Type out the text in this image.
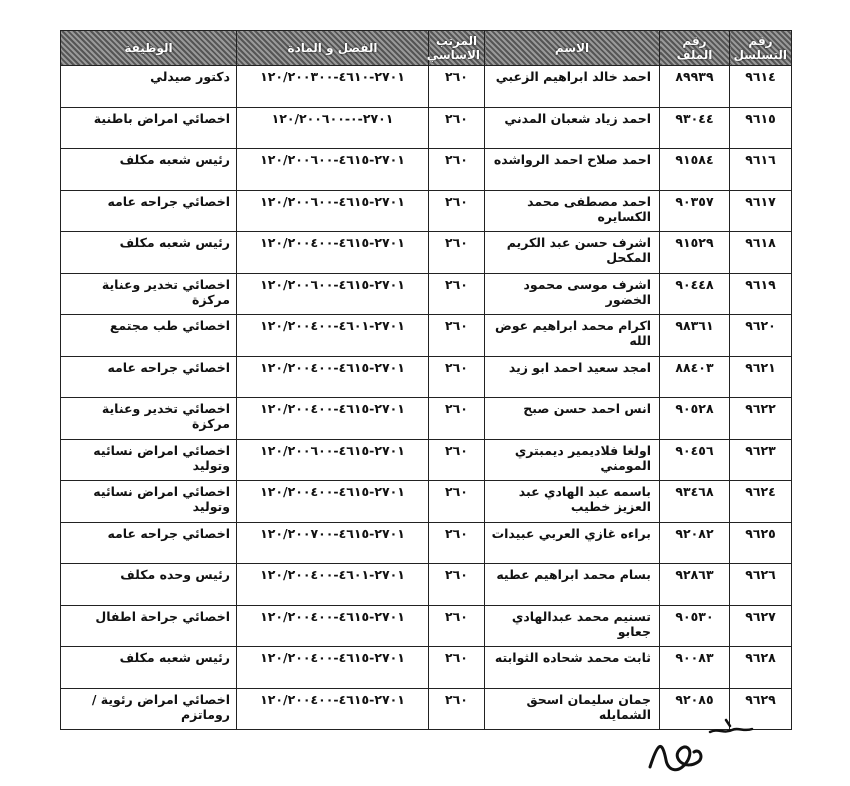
رقم التسلسل	رقم الملف	الاسم	المرتب الاساسي	الفصل و المادة	الوظيفة
٩٦١٤	٨٩٩٣٩	احمد خالد ابراهيم الزعبي	٢٦٠	٢٧٠١-٤٦١٠-١٢٠/٢٠٠٣٠٠	دكتور صيدلي
٩٦١٥	٩٣٠٤٤	احمد زياد شعبان المدني	٢٦٠	٢٧٠١-٠-١٢٠/٢٠٠٦٠٠	اخصائي امراض باطنية
٩٦١٦	٩١٥٨٤	احمد صلاح احمد الرواشده	٢٦٠	٢٧٠١-٤٦١٥-١٢٠/٢٠٠٦٠٠	رئيس شعبه مكلف
٩٦١٧	٩٠٣٥٧	احمد مصطفى محمد الكسايره	٢٦٠	٢٧٠١-٤٦١٥-١٢٠/٢٠٠٦٠٠	اخصائي جراحه عامه
٩٦١٨	٩١٥٢٩	اشرف حسن عبد الكريم المكحل	٢٦٠	٢٧٠١-٤٦١٥-١٢٠/٢٠٠٤٠٠	رئيس شعبه مكلف
٩٦١٩	٩٠٤٤٨	اشرف موسى محمود الخضور	٢٦٠	٢٧٠١-٤٦١٥-١٢٠/٢٠٠٦٠٠	اخصائي تخدير وعناية مركزة
٩٦٢٠	٩٨٣٦١	اكرام محمد ابراهيم عوض الله	٢٦٠	٢٧٠١-٤٦٠١-١٢٠/٢٠٠٤٠٠	اخصائي طب مجتمع
٩٦٢١	٨٨٤٠٣	امجد سعيد احمد ابو زيد	٢٦٠	٢٧٠١-٤٦١٥-١٢٠/٢٠٠٤٠٠	اخصائي جراحه عامه
٩٦٢٢	٩٠٥٢٨	انس احمد حسن صبح	٢٦٠	٢٧٠١-٤٦١٥-١٢٠/٢٠٠٤٠٠	اخصائي تخدير وعناية مركزة
٩٦٢٣	٩٠٤٥٦	اولغا فلاديمير ديمبتري المومني	٢٦٠	٢٧٠١-٤٦١٥-١٢٠/٢٠٠٦٠٠	اخصائي امراض نسائيه وتوليد
٩٦٢٤	٩٣٤٦٨	باسمه عبد الهادي عبد العزيز خطيب	٢٦٠	٢٧٠١-٤٦١٥-١٢٠/٢٠٠٤٠٠	اخصائي امراض نسائيه وتوليد
٩٦٢٥	٩٢٠٨٢	براءه غازي العربي عبيدات	٢٦٠	٢٧٠١-٤٦١٥-١٢٠/٢٠٠٧٠٠	اخصائي جراحه عامه
٩٦٢٦	٩٢٨٦٣	بسام محمد ابراهيم عطيه	٢٦٠	٢٧٠١-٤٦٠١-١٢٠/٢٠٠٤٠٠	رئيس وحده مكلف
٩٦٢٧	٩٠٥٣٠	تسنيم محمد عبدالهادي جعابو	٢٦٠	٢٧٠١-٤٦١٥-١٢٠/٢٠٠٤٠٠	اخصائي جراحة اطفال
٩٦٢٨	٩٠٠٨٣	ثابت محمد شحاده الثوابته	٢٦٠	٢٧٠١-٤٦١٥-١٢٠/٢٠٠٤٠٠	رئيس شعبه مكلف
٩٦٢٩	٩٢٠٨٥	جمان سليمان اسحق الشمايله	٢٦٠	٢٧٠١-٤٦١٥-١٢٠/٢٠٠٤٠٠	اخصائي امراض رئوية /روماتزم
